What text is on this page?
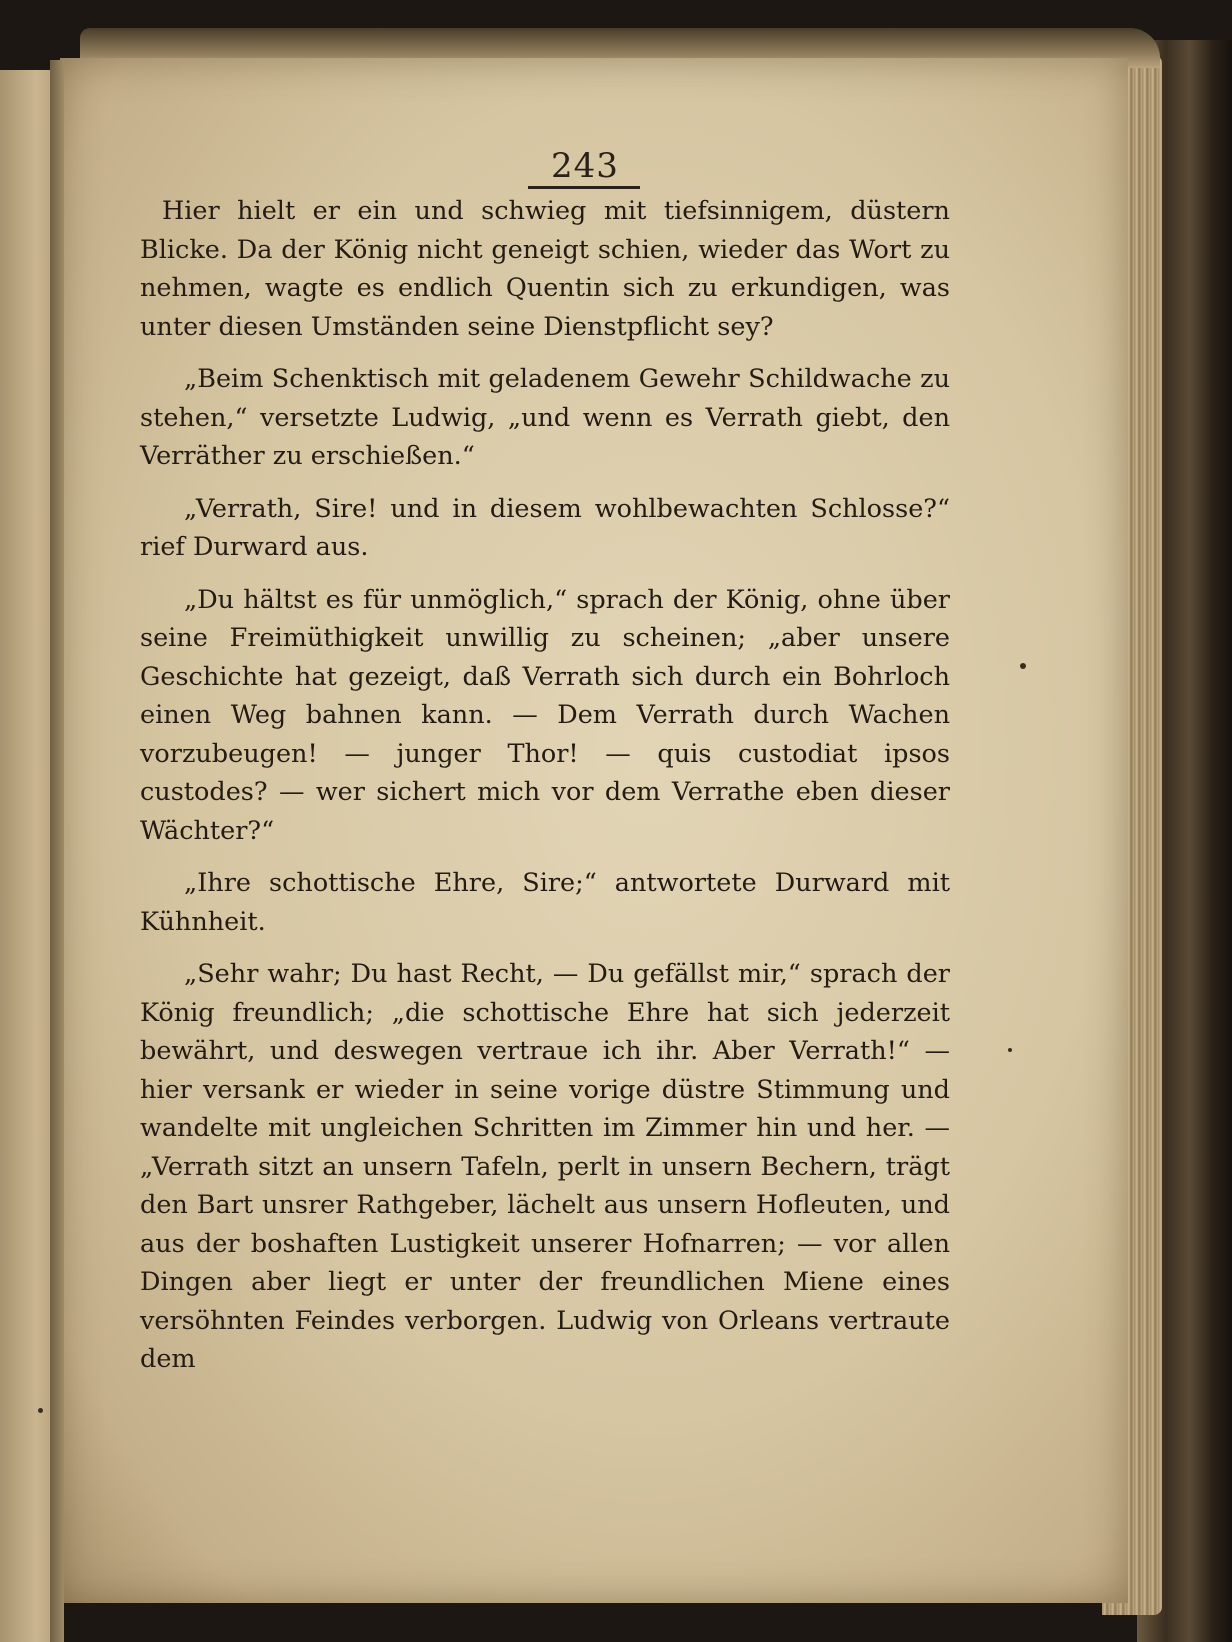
243

Hier hielt er ein und schwieg mit tiefsinnigem, düstern Blicke. Da der König nicht geneigt schien, wieder das Wort zu nehmen, wagte es endlich Quentin sich zu erkundigen, was unter diesen Umständen seine Dienstpflicht sey?

„Beim Schenktisch mit geladenem Gewehr Schildwache zu stehen,“ versetzte Ludwig, „und wenn es Verrath giebt, den Verräther zu erschießen.“

„Verrath, Sire! und in diesem wohlbewachten Schlosse?“ rief Durward aus.

„Du hältst es für unmöglich,“ sprach der König, ohne über seine Freimüthigkeit unwillig zu scheinen; „aber unsere Geschichte hat gezeigt, daß Verrath sich durch ein Bohrloch einen Weg bahnen kann. — Dem Verrath durch Wachen vorzubeugen! — junger Thor! — quis custodiat ipsos custodes? — wer sichert mich vor dem Verrathe eben dieser Wächter?“

„Ihre schottische Ehre, Sire;“ antwortete Durward mit Kühnheit.

„Sehr wahr; Du hast Recht, — Du gefällst mir,“ sprach der König freundlich; „die schottische Ehre hat sich jederzeit bewährt, und deswegen vertraue ich ihr. Aber Verrath!“ — hier versank er wieder in seine vorige düstre Stimmung und wandelte mit ungleichen Schritten im Zimmer hin und her. — „Verrath sitzt an unsern Tafeln, perlt in unsern Bechern, trägt den Bart unsrer Rathgeber, lächelt aus unsern Hofleuten, und aus der boshaften Lustigkeit unserer Hofnarren; — vor allen Dingen aber liegt er unter der freundlichen Miene eines versöhnten Feindes verborgen. Ludwig von Orleans vertraute dem
